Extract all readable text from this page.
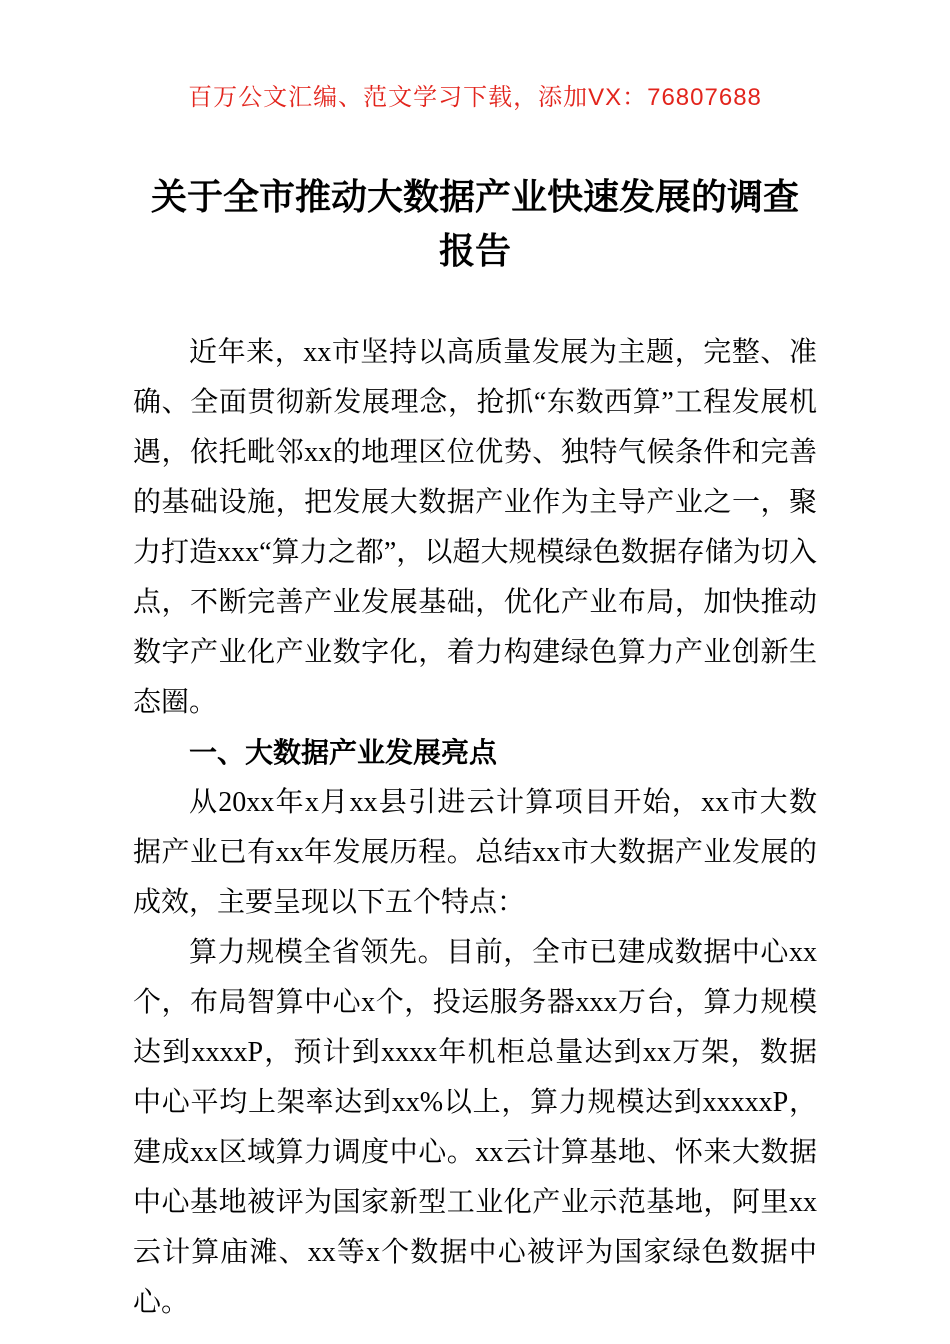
百万公文汇编、范文学习下载，添加VX：76807688
关于全市推动大数据产业快速发展的调查报告
近年来，xx市坚持以高质量发展为主题，完整、准确、全面贯彻新发展理念，抢抓“东数西算”工程发展机遇，依托毗邻xx的地理区位优势、独特气候条件和完善的基础设施，把发展大数据产业作为主导产业之一，聚力打造xxx“算力之都”，以超大规模绿色数据存储为切入点，不断完善产业发展基础，优化产业布局，加快推动数字产业化产业数字化，着力构建绿色算力产业创新生态圈。
一、大数据产业发展亮点
从20xx年x月xx县引进云计算项目开始，xx市大数据产业已有xx年发展历程。总结xx市大数据产业发展的成效，主要呈现以下五个特点：
算力规模全省领先。目前，全市已建成数据中心xx个，布局智算中心x个，投运服务器xxx万台，算力规模达到xxxxP，预计到xxxx年机柜总量达到xx万架，数据中心平均上架率达到xx%以上，算力规模达到xxxxxP，建成xx区域算力调度中心。xx云计算基地、怀来大数据中心基地被评为国家新型工业化产业示范基地，阿里xx云计算庙滩、xx等x个数据中心被评为国家绿色数据中心。
